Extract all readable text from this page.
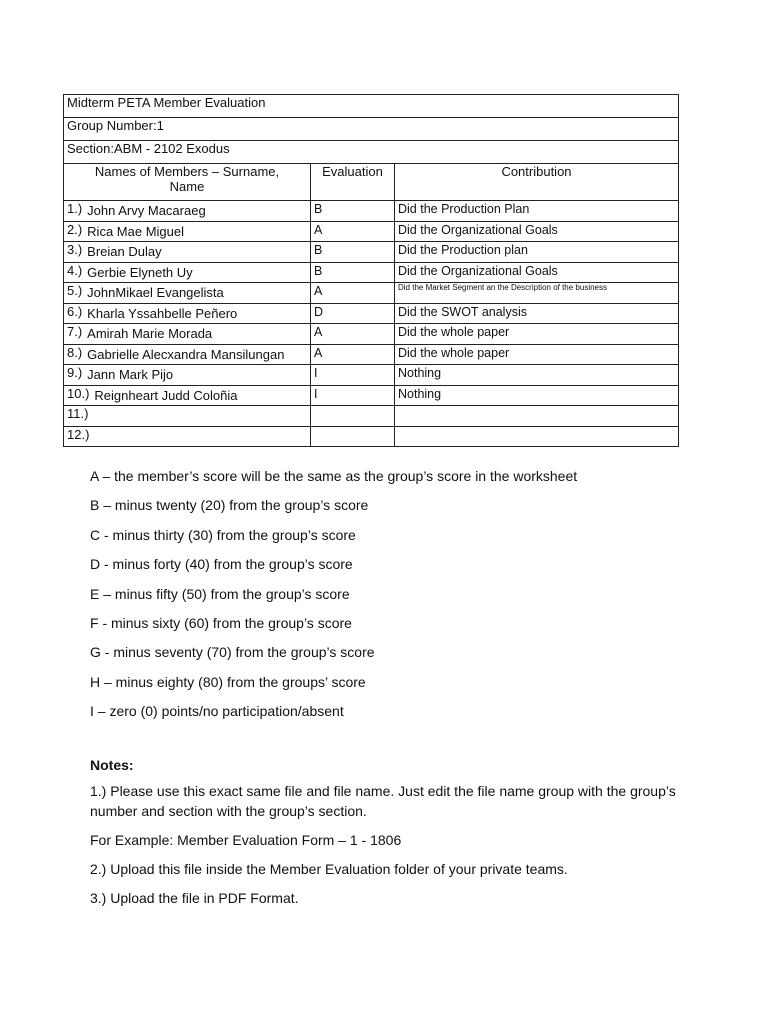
Midterm PETA Member Evaluation		
Group Number:1		
Section:ABM - 2102 Exodus		
Names of Members – Surname, Name	Evaluation	Contribution
1.) John Arvy Macaraeg	B	Did the Production Plan
2.) Rica Mae Miguel	A	Did the Organizational Goals
3.) Breian Dulay	B	Did the Production plan
4.) Gerbie Elyneth Uy	B	Did the Organizational Goals
5.) JohnMikael Evangelista	A	Did the Market Segment an the Description of the business
6.) Kharla Yssahbelle Peñero	D	Did the SWOT analysis
7.) Amirah Marie Morada	A	Did the whole paper
8.) Gabrielle Alecxandra Mansilungan	A	Did the whole paper
9.) Jann Mark Pijo	I	Nothing
10.) Reignheart Judd Coloñia	I	Nothing
11.)		
12.)		

A – the member’s score will be the same as the group’s score in the worksheet

B – minus twenty (20) from the group’s score

C - minus thirty (30) from the group’s score

D - minus forty (40) from the group’s score

E – minus fifty (50) from the group’s score

F - minus sixty (60) from the group’s score

G - minus seventy (70) from the group’s score

H – minus eighty (80) from the groups’ score

I – zero (0) points/no participation/absent

Notes:

1.) Please use this exact same file and file name. Just edit the file name group with the group’s number and section with the group’s section.

For Example: Member Evaluation Form – 1 - 1806

2.) Upload this file inside the Member Evaluation folder of your private teams.

3.) Upload the file in PDF Format.
